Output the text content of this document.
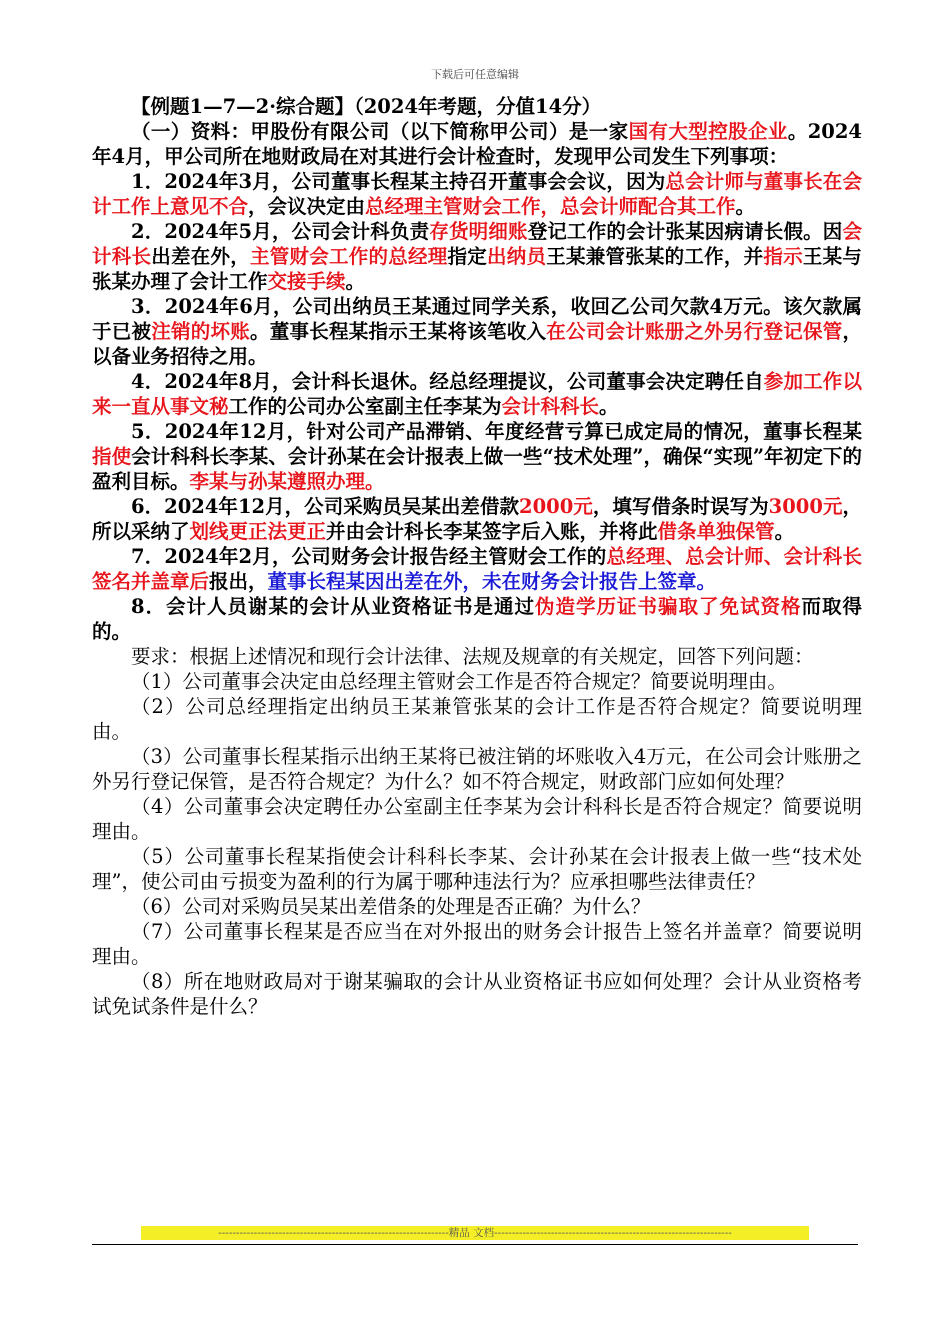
下载后可任意编辑

【例题1—7—2·综合题】（2024年考题，分值14分）

（一）资料：甲股份有限公司（以下简称甲公司）是一家国有大型控股企业。2024年4月，甲公司所在地财政局在对其进行会计检查时，发现甲公司发生下列事项：

1．2024年3月，公司董事长程某主持召开董事会会议，因为总会计师与董事长在会计工作上意见不合，会议决定由总经理主管财会工作，总会计师配合其工作。

2．2024年5月，公司会计科负责存货明细账登记工作的会计张某因病请长假。因会计科长出差在外，主管财会工作的总经理指定出纳员王某兼管张某的工作，并指示王某与张某办理了会计工作交接手续。

3．2024年6月，公司出纳员王某通过同学关系，收回乙公司欠款4万元。该欠款属于已被注销的坏账。董事长程某指示王某将该笔收入在公司会计账册之外另行登记保管，以备业务招待之用。

4．2024年8月，会计科长退休。经总经理提议，公司董事会决定聘任自参加工作以来一直从事文秘工作的公司办公室副主任李某为会计科科长。

5．2024年12月，针对公司产品滞销、年度经营亏算已成定局的情况，董事长程某指使会计科科长李某、会计孙某在会计报表上做一些“技术处理”，确保“实现”年初定下的盈利目标。李某与孙某遵照办理。

6．2024年12月，公司采购员吴某出差借款2000元，填写借条时误写为3000元，所以采纳了划线更正法更正并由会计科长李某签字后入账，并将此借条单独保管。

7．2024年2月，公司财务会计报告经主管财会工作的总经理、总会计师、会计科长签名并盖章后报出，董事长程某因出差在外，未在财务会计报告上签章。

8．会计人员谢某的会计从业资格证书是通过伪造学历证书骗取了免试资格而取得的。

要求：根据上述情况和现行会计法律、法规及规章的有关规定，回答下列问题：

（1）公司董事会决定由总经理主管财会工作是否符合规定？简要说明理由。

（2）公司总经理指定出纳员王某兼管张某的会计工作是否符合规定？简要说明理由。

（3）公司董事长程某指示出纳王某将已被注销的坏账收入4万元，在公司会计账册之外另行登记保管，是否符合规定？为什么？如不符合规定，财政部门应如何处理？

（4）公司董事会决定聘任办公室副主任李某为会计科科长是否符合规定？简要说明理由。

（5）公司董事长程某指使会计科科长李某、会计孙某在会计报表上做一些“技术处理”，使公司由亏损变为盈利的行为属于哪种违法行为？应承担哪些法律责任？

（6）公司对采购员吴某出差借条的处理是否正确？为什么？

（7）公司董事长程某是否应当在对外报出的财务会计报告上签名并盖章？简要说明理由。

（8）所在地财政局对于谢某骗取的会计从业资格证书应如何处理？会计从业资格考试免试条件是什么？

-----------------------------------------------------------------精品 文档-------------------------------------------------------------------
